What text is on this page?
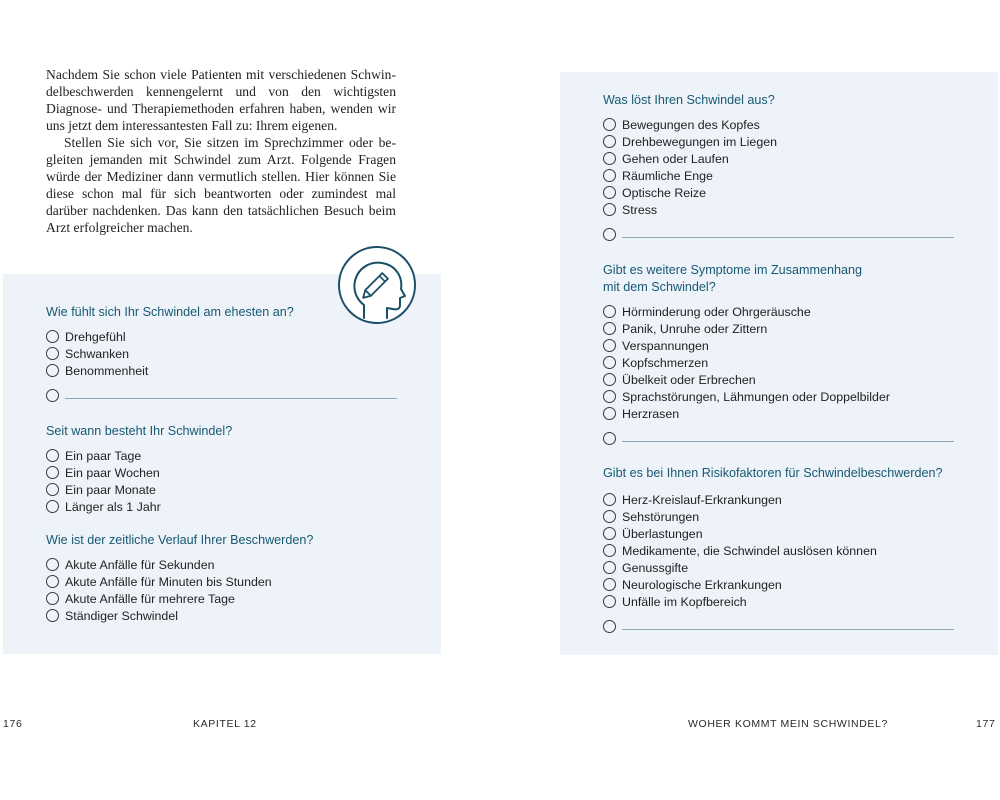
Nachdem Sie schon viele Patienten mit verschiedenen Schwindelbeschwerden kennengelernt und von den wichtigsten Diagnose- und Therapiemethoden erfahren haben, wenden wir uns jetzt dem interessantesten Fall zu: Ihrem eigenen.

Stellen Sie sich vor, Sie sitzen im Sprechzimmer oder begleiten jemanden mit Schwindel zum Arzt. Folgende Fragen würde der Mediziner dann vermutlich stellen. Hier können Sie diese schon mal für sich beantworten oder zumindest mal darüber nachdenken. Das kann den tatsächlichen Besuch beim Arzt erfolgreicher machen.

Wie fühlt sich Ihr Schwindel am ehesten an?
Drehgefühl
Schwanken
Benommenheit
Seit wann besteht Ihr Schwindel?
Ein paar Tage
Ein paar Wochen
Ein paar Monate
Länger als 1 Jahr
Wie ist der zeitliche Verlauf Ihrer Beschwerden?
Akute Anfälle für Sekunden
Akute Anfälle für Minuten bis Stunden
Akute Anfälle für mehrere Tage
Ständiger Schwindel
Was löst Ihren Schwindel aus?
Bewegungen des Kopfes
Drehbewegungen im Liegen
Gehen oder Laufen
Räumliche Enge
Optische Reize
Stress
Gibt es weitere Symptome im Zusammenhang
mit dem Schwindel?
Hörminderung oder Ohrgeräusche
Panik, Unruhe oder Zittern
Verspannungen
Kopfschmerzen
Übelkeit oder Erbrechen
Sprachstörungen, Lähmungen oder Doppelbilder
Herzrasen
Gibt es bei Ihnen Risikofaktoren für Schwindelbeschwerden?
Herz-Kreislauf-Erkrankungen
Sehstörungen
Überlastungen
Medikamente, die Schwindel auslösen können
Genussgifte
Neurologische Erkrankungen
Unfälle im Kopfbereich
176	KAPITEL 12	WOHER KOMMT MEIN SCHWINDEL?	177
